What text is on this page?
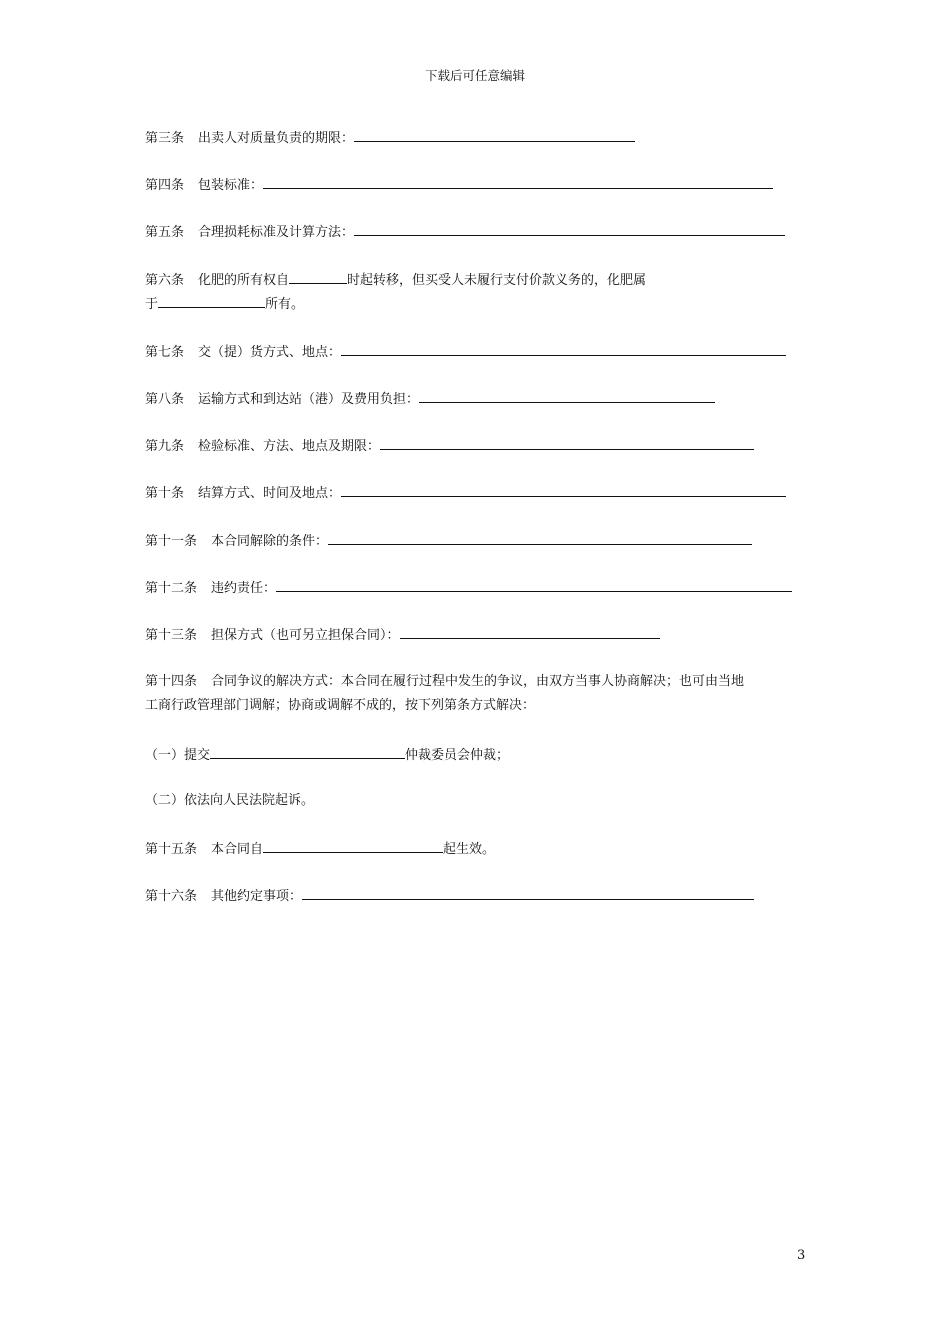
下载后可任意编辑
第三条 出卖人对质量负责的期限：
第四条 包装标准：
第五条 合理损耗标准及计算方法：
第六条 化肥的所有权自	时起转移，但买受人未履行支付价款义务的，化肥属
于	所有。
第七条 交（提）货方式、地点：
第八条 运输方式和到达站（港）及费用负担：
第九条 检验标准、方法、地点及期限：
第十条 结算方式、时间及地点：
第十一条 本合同解除的条件：
第十二条 违约责任：
第十三条 担保方式（也可另立担保合同）：
第十四条 合同争议的解决方式：本合同在履行过程中发生的争议，由双方当事人协商解决；也可由当地
工商行政管理部门调解；协商或调解不成的，按下列第条方式解决：
（一）提交	仲裁委员会仲裁；
（二）依法向人民法院起诉。
第十五条 本合同自	起生效。
第十六条 其他约定事项：
3
